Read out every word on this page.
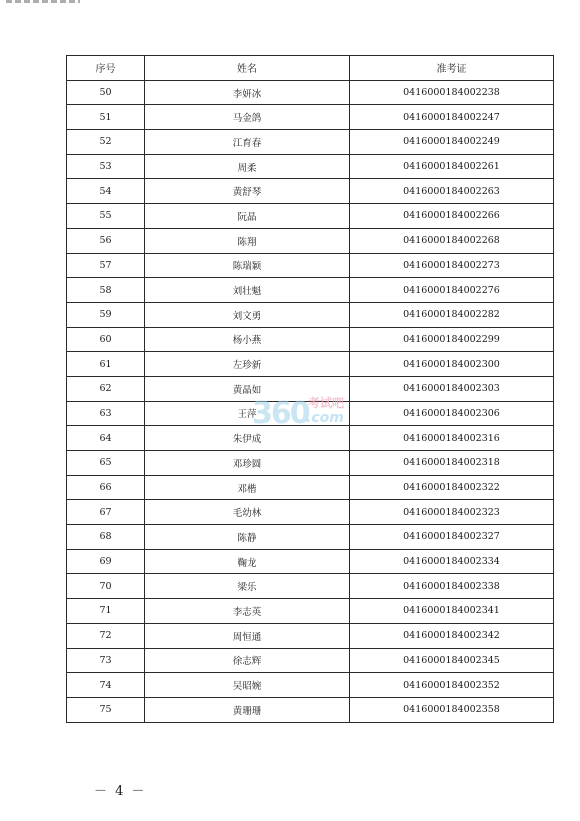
序号	姓名	准考证
50	李妍冰	0416000184002238
51	马金鸽	0416000184002247
52	江育春	0416000184002249
53	周柔	0416000184002261
54	黄舒琴	0416000184002263
55	阮晶	0416000184002266
56	陈翔	0416000184002268
57	陈瑞颖	0416000184002273
58	刘壮魁	0416000184002276
59	刘文勇	0416000184002282
60	杨小燕	0416000184002299
61	左珍新	0416000184002300
62	黄晶如	0416000184002303
63	王萍	0416000184002306
64	朱伊成	0416000184002316
65	邓珍圆	0416000184002318
66	邓楷	0416000184002322
67	毛幼林	0416000184002323
68	陈静	0416000184002327
69	鞠龙	0416000184002334
70	梁乐	0416000184002338
71	李志英	0416000184002341
72	周恒通	0416000184002342
73	徐志辉	0416000184002345
74	吴昭婉	0416000184002352
75	黄珊珊	0416000184002358
360 考试吧
.com
－ 4 －
